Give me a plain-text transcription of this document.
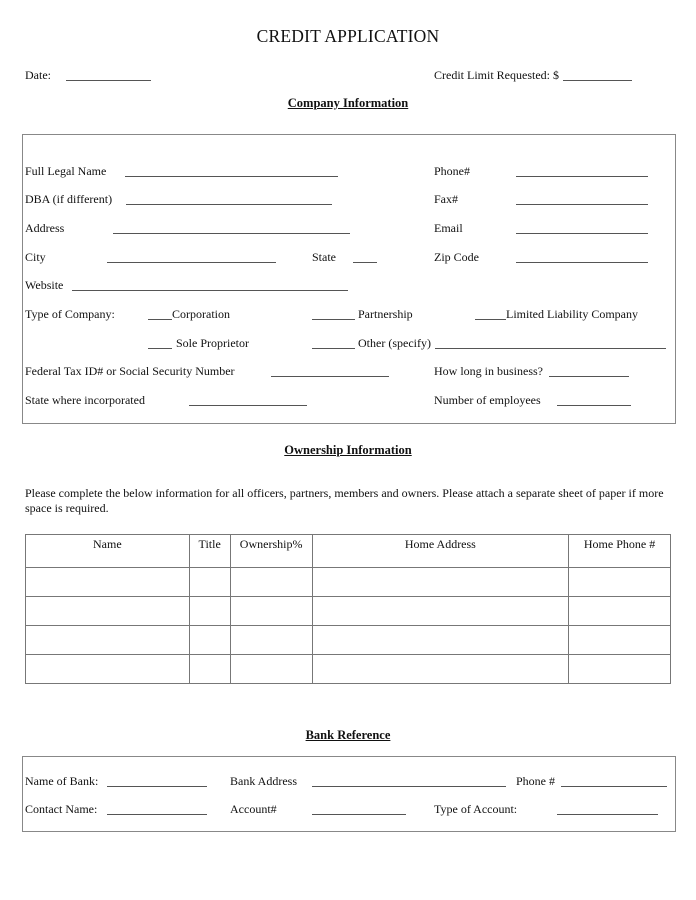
CREDIT APPLICATION
Date:	Credit Limit Requested: $
Company Information
Full Legal Name	Phone#
DBA (if different)	Fax#
Address	Email
City	State	Zip Code
Website
Type of Company:	Corporation	Partnership	Limited Liability Company
Sole Proprietor	Other (specify)
Federal Tax ID# or Social Security Number	How long in business?
State where incorporated	Number of employees
Ownership Information
Please complete the below information for all officers, partners, members and owners. Please attach a separate sheet of paper if more space is required.
Name	Title	Ownership%	Home Address	Home Phone #

Bank Reference
Name of Bank:	Bank Address	Phone #
Contact Name:	Account#	Type of Account:
